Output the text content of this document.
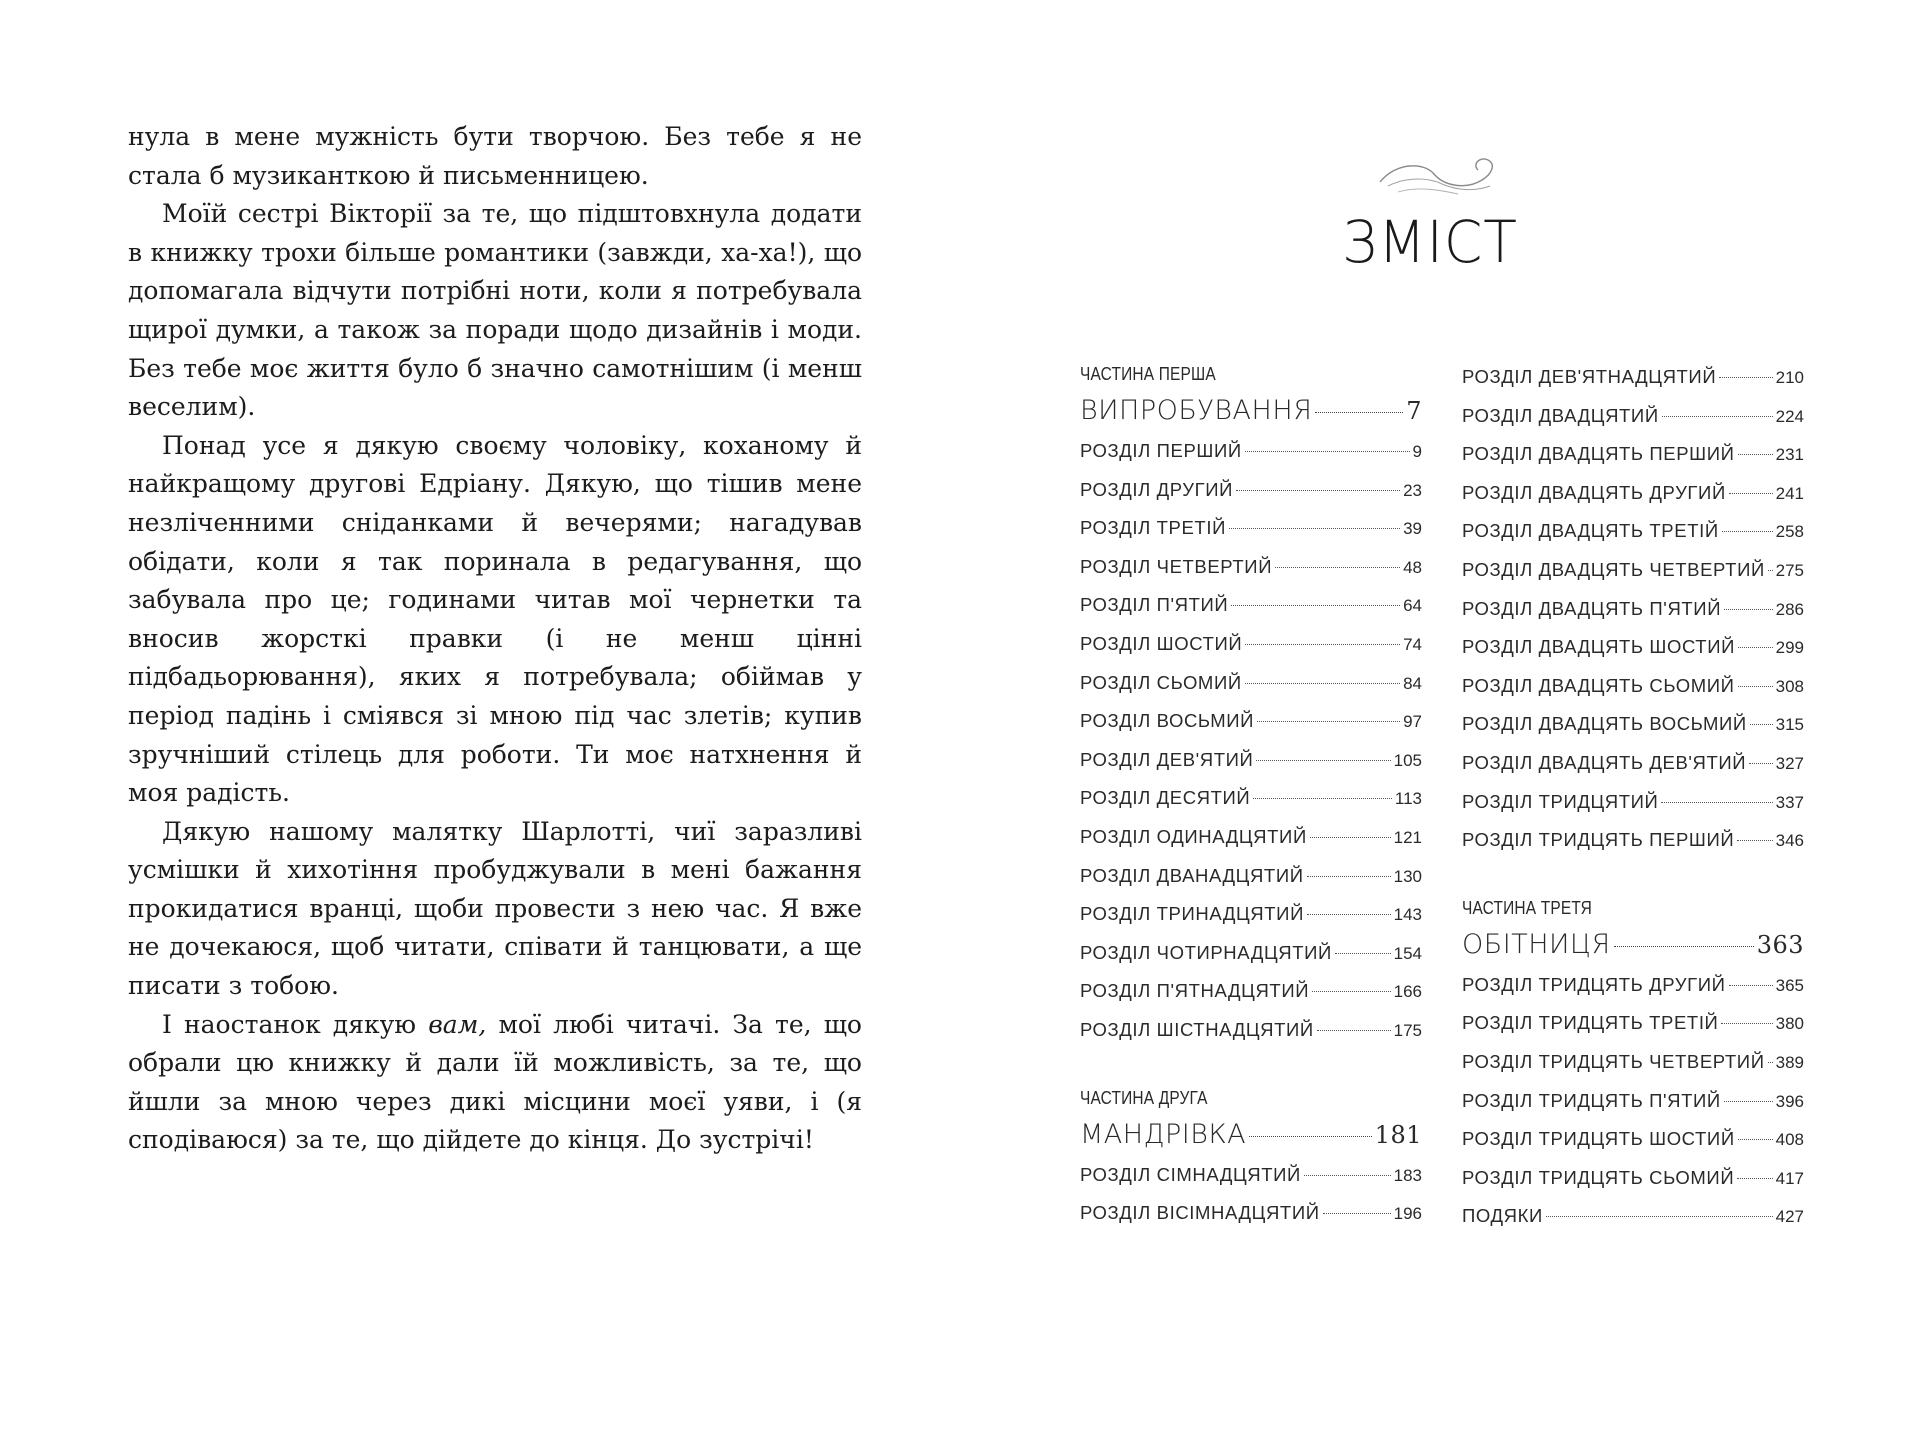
нула в мене мужність бути творчою. Без тебе я не стала б музиканткою й письменницею.

Моїй сестрі Вікторії за те, що підштовхнула додати в книжку трохи більше романтики (завжди, ха-ха!), що допомагала відчути потрібні ноти, коли я потребувала щирої думки, а також за поради щодо дизайнів і моди. Без тебе моє життя було б значно самотнішим (і менш веселим).

Понад усе я дякую своєму чоловіку, коханому й найкращому другові Едріану. Дякую, що тішив мене незліченними сніданками й вечерями; нагадував обідати, коли я так поринала в редагування, що забувала про це; годинами читав мої чернетки та вносив жорсткі правки (і не менш цінні підбадьорювання), яких я потребувала; обіймав у період падінь і сміявся зі мною під час злетів; купив зручніший стілець для роботи. Ти моє натхнення й моя радість.

Дякую нашому малятку Шарлотті, чиї заразливі усмішки й хихотіння пробуджували в мені бажання прокидатися вранці, щоби провести з нею час. Я вже не дочекаюся, щоб читати, співати й танцювати, а ще писати з тобою.

І наостанок дякую вам, мої любі читачі. За те, що обрали цю книжку й дали їй можливість, за те, що йшли за мною через дикі місцини моєї уяви, і (я сподіваюся) за те, що дійдете до кінця. До зустрічі!

ЗМІСТ
ЧАСТИНА ПЕРША
ВИПРОБУВАННЯ	7
РОЗДІЛ ПЕРШИЙ	9
РОЗДІЛ ДРУГИЙ	23
РОЗДІЛ ТРЕТІЙ	39
РОЗДІЛ ЧЕТВЕРТИЙ	48
РОЗДІЛ П'ЯТИЙ	64
РОЗДІЛ ШОСТИЙ	74
РОЗДІЛ СЬОМИЙ	84
РОЗДІЛ ВОСЬМИЙ	97
РОЗДІЛ ДЕВ'ЯТИЙ	105
РОЗДІЛ ДЕСЯТИЙ	113
РОЗДІЛ ОДИНАДЦЯТИЙ	121
РОЗДІЛ ДВАНАДЦЯТИЙ	130
РОЗДІЛ ТРИНАДЦЯТИЙ	143
РОЗДІЛ ЧОТИРНАДЦЯТИЙ	154
РОЗДІЛ П'ЯТНАДЦЯТИЙ	166
РОЗДІЛ ШІСТНАДЦЯТИЙ	175
ЧАСТИНА ДРУГА
МАНДРІВКА	181
РОЗДІЛ СІМНАДЦЯТИЙ	183
РОЗДІЛ ВІСІМНАДЦЯТИЙ	196
РОЗДІЛ ДЕВ'ЯТНАДЦЯТИЙ	210
РОЗДІЛ ДВАДЦЯТИЙ	224
РОЗДІЛ ДВАДЦЯТЬ ПЕРШИЙ 231
РОЗДІЛ ДВАДЦЯТЬ ДРУГИЙ	241
РОЗДІЛ ДВАДЦЯТЬ ТРЕТІЙ	258
РОЗДІЛ ДВАДЦЯТЬ ЧЕТВЕРТИЙ 275
РОЗДІЛ ДВАДЦЯТЬ П'ЯТИЙ	286
РОЗДІЛ ДВАДЦЯТЬ ШОСТИЙ 299
РОЗДІЛ ДВАДЦЯТЬ СЬОМИЙ 308
РОЗДІЛ ДВАДЦЯТЬ ВОСЬМИЙ 315
РОЗДІЛ ДВАДЦЯТЬ ДЕВ'ЯТИЙ 327
РОЗДІЛ ТРИДЦЯТИЙ	337
РОЗДІЛ ТРИДЦЯТЬ ПЕРШИЙ 346
ЧАСТИНА ТРЕТЯ
ОБІТНИЦЯ	363
РОЗДІЛ ТРИДЦЯТЬ ДРУГИЙ	365
РОЗДІЛ ТРИДЦЯТЬ ТРЕТІЙ	380
РОЗДІЛ ТРИДЦЯТЬ ЧЕТВЕРТИЙ 389
РОЗДІЛ ТРИДЦЯТЬ П'ЯТИЙ	396
РОЗДІЛ ТРИДЦЯТЬ ШОСТИЙ 408
РОЗДІЛ ТРИДЦЯТЬ СЬОМИЙ 417
ПОДЯКИ	427
